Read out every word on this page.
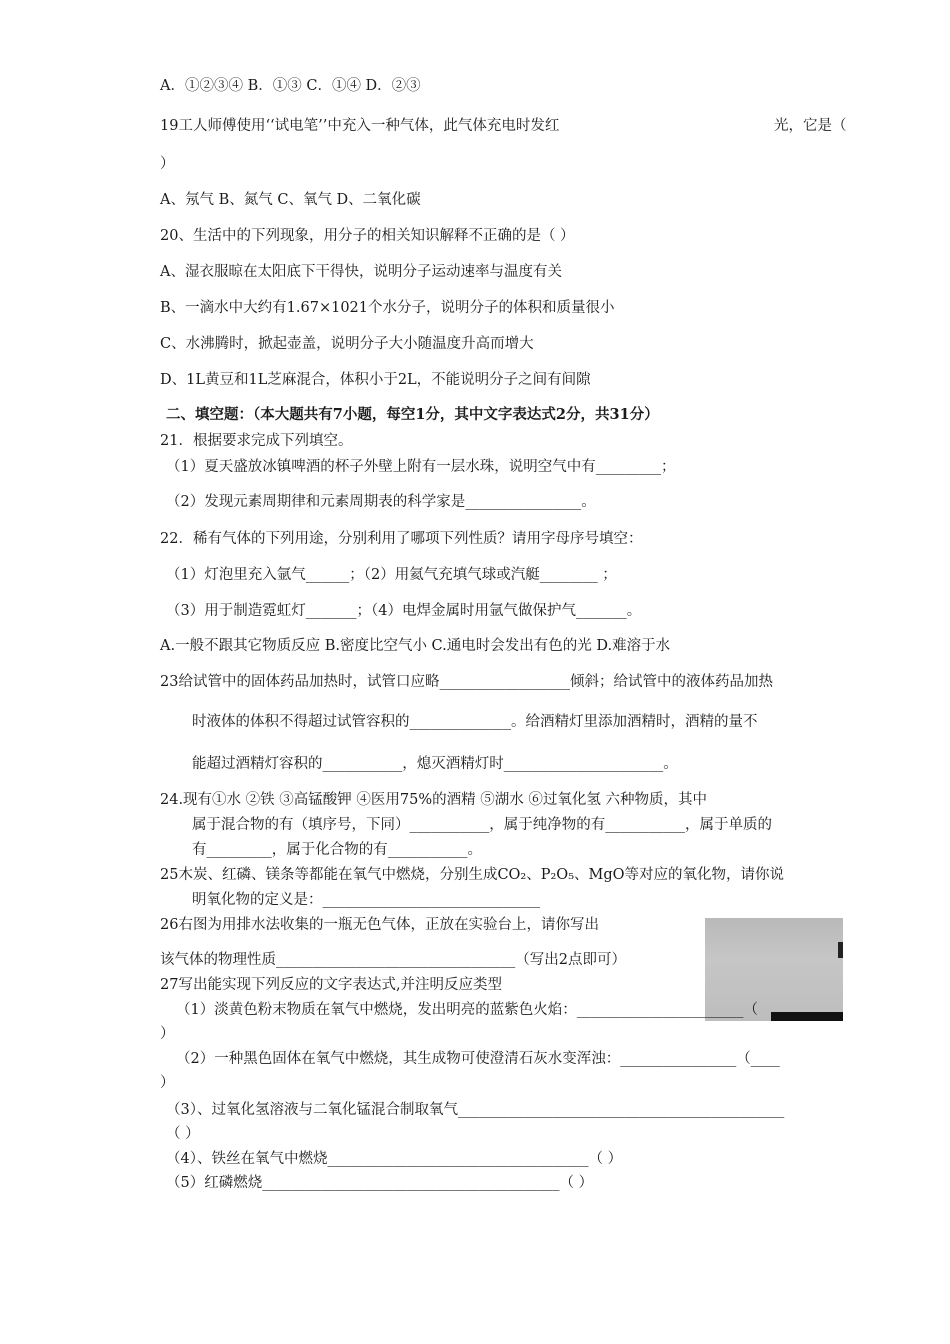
A．①②③④ B．①③ C．①④ D．②③
19工人师傅使用‘‘试电笔’’中充入一种气体，此气体充电时发红	光，它是（
）
A、氖气 B、氮气 C、氧气 D、二氧化碳
20、生活中的下列现象，用分子的相关知识解释不正确的是（ ）
A、湿衣服晾在太阳底下干得快，说明分子运动速率与温度有关
B、一滴水中大约有1.67×1021个水分子，说明分子的体积和质量很小
C、水沸腾时，掀起壶盖，说明分子大小随温度升高而增大
D、1L黄豆和1L芝麻混合，体积小于2L，不能说明分子之间有间隙
二、填空题：（本大题共有7小题，每空1分，其中文字表达式2分，共31分）
21．根据要求完成下列填空。
（1）夏天盛放冰镇啤酒的杯子外壁上附有一层水珠，说明空气中有_________；
（2）发现元素周期律和元素周期表的科学家是________________。
22．稀有气体的下列用途，分别利用了哪项下列性质？请用字母序号填空：
（1）灯泡里充入氩气______；（2）用氦气充填气球或汽艇________ ；
（3）用于制造霓虹灯_______；（4）电焊金属时用氩气做保护气_______。
A.一般不跟其它物质反应 B.密度比空气小 C.通电时会发出有色的光 D.难溶于水
23给试管中的固体药品加热时，试管口应略__________________倾斜；给试管中的液体药品加热
时液体的体积不得超过试管容积的______________。给酒精灯里添加酒精时，酒精的量不
能超过酒精灯容积的___________，熄灭酒精灯时______________________。
24.现有①水 ②铁 ③高锰酸钾 ④医用75%的酒精 ⑤湖水 ⑥过氧化氢 六种物质，其中
属于混合物的有（填序号，下同）___________，属于纯净物的有___________，属于单质的
有_________，属于化合物的有___________。
25木炭、红磷、镁条等都能在氧气中燃烧，分别生成CO₂、P₂O₅、MgO等对应的氧化物，请你说
明氧化物的定义是：______________________________
26右图为用排水法收集的一瓶无色气体，正放在实验台上，请你写出
该气体的物理性质_________________________________（写出2点即可）
27写出能实现下列反应的文字表达式,并注明反应类型
（1）淡黄色粉末物质在氧气中燃烧，发出明亮的蓝紫色火焰：_______________________（
）
（2）一种黑色固体在氧气中燃烧，其生成物可使澄清石灰水变浑浊：________________（____
）
（3）、过氧化氢溶液与二氧化锰混合制取氧气_____________________________________________
（ ）
（4）、铁丝在氧气中燃烧____________________________________（ ）
（5）红磷燃烧_________________________________________（ ）
